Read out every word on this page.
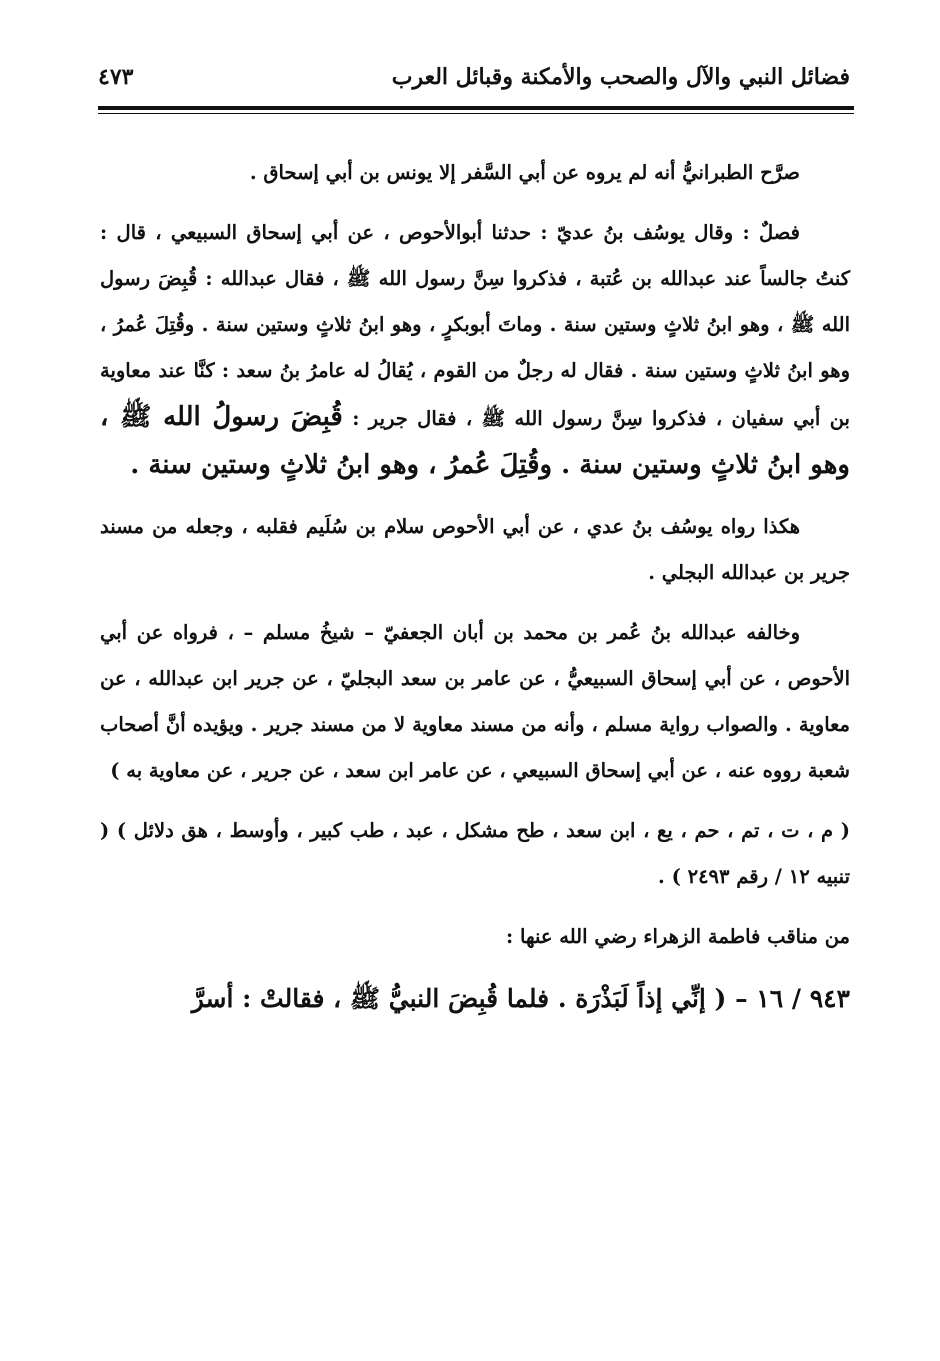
فضائل النبي والآل والصحب والأمكنة وقبائل العرب
٤٧٣

صرَّح الطبرانيُّ أنه لم يروه عن أبي السَّفر إلا يونس بن أبي إسحاق .

فصلٌ : وقال يوسُف بنُ عديّ : حدثنا أبوالأحوص ، عن أبي إسحاق السبيعي ، قال : كنتُ جالساً عند عبدالله بن عُتبة ، فذكروا سِنَّ رسول الله ﷺ ، فقال عبدالله : قُبِضَ رسول الله ﷺ ، وهو ابنُ ثلاثٍ وستين سنة . وماتَ أبوبكرٍ ، وهو ابنُ ثلاثٍ وستين سنة . وقُتِلَ عُمرُ ، وهو ابنُ ثلاثٍ وستين سنة . فقال له رجلٌ من القوم ، يُقالُ له عامرُ بنُ سعد : كنَّا عند معاوية بن أبي سفيان ، فذكروا سِنَّ رسول الله ﷺ ، فقال جرير : قُبِضَ رسولُ الله ﷺ ، وهو ابنُ ثلاثٍ وستين سنة . وقُتِلَ عُمرُ ، وهو ابنُ ثلاثٍ وستين سنة .

هكذا رواه يوسُف بنُ عدي ، عن أبي الأحوص سلام بن سُلَيم فقلبه ، وجعله من مسند جرير بن عبدالله البجلي .

وخالفه عبدالله بنُ عُمر بن محمد بن أبان الجعفيّ – شيخُ مسلم – ، فرواه عن أبي الأحوص ، عن أبي إسحاق السبيعيُّ ، عن عامر بن سعد البجليّ ، عن جرير ابن عبدالله ، عن معاوية . والصواب رواية مسلم ، وأنه من مسند معاوية لا من مسند جرير . ويؤيده أنَّ أصحاب شعبة رووه عنه ، عن أبي إسحاق السبيعي ، عن عامر ابن سعد ، عن جرير ، عن معاوية به )

( م ، ت ، تم ، حم ، يع ، ابن سعد ، طح مشكل ، عبد ، طب كبير ، وأوسط ، هق دلائل ) ( تنبيه ١٢ / رقم ٢٤٩٣ ) .

من مناقب فاطمة الزهراء رضي الله عنها :

٩٤٣ / ١٦ – ( إنِّي إذاً لَبَذْرَة . فلما قُبِضَ النبيُّ ﷺ ، فقالتْ : أسرَّ
